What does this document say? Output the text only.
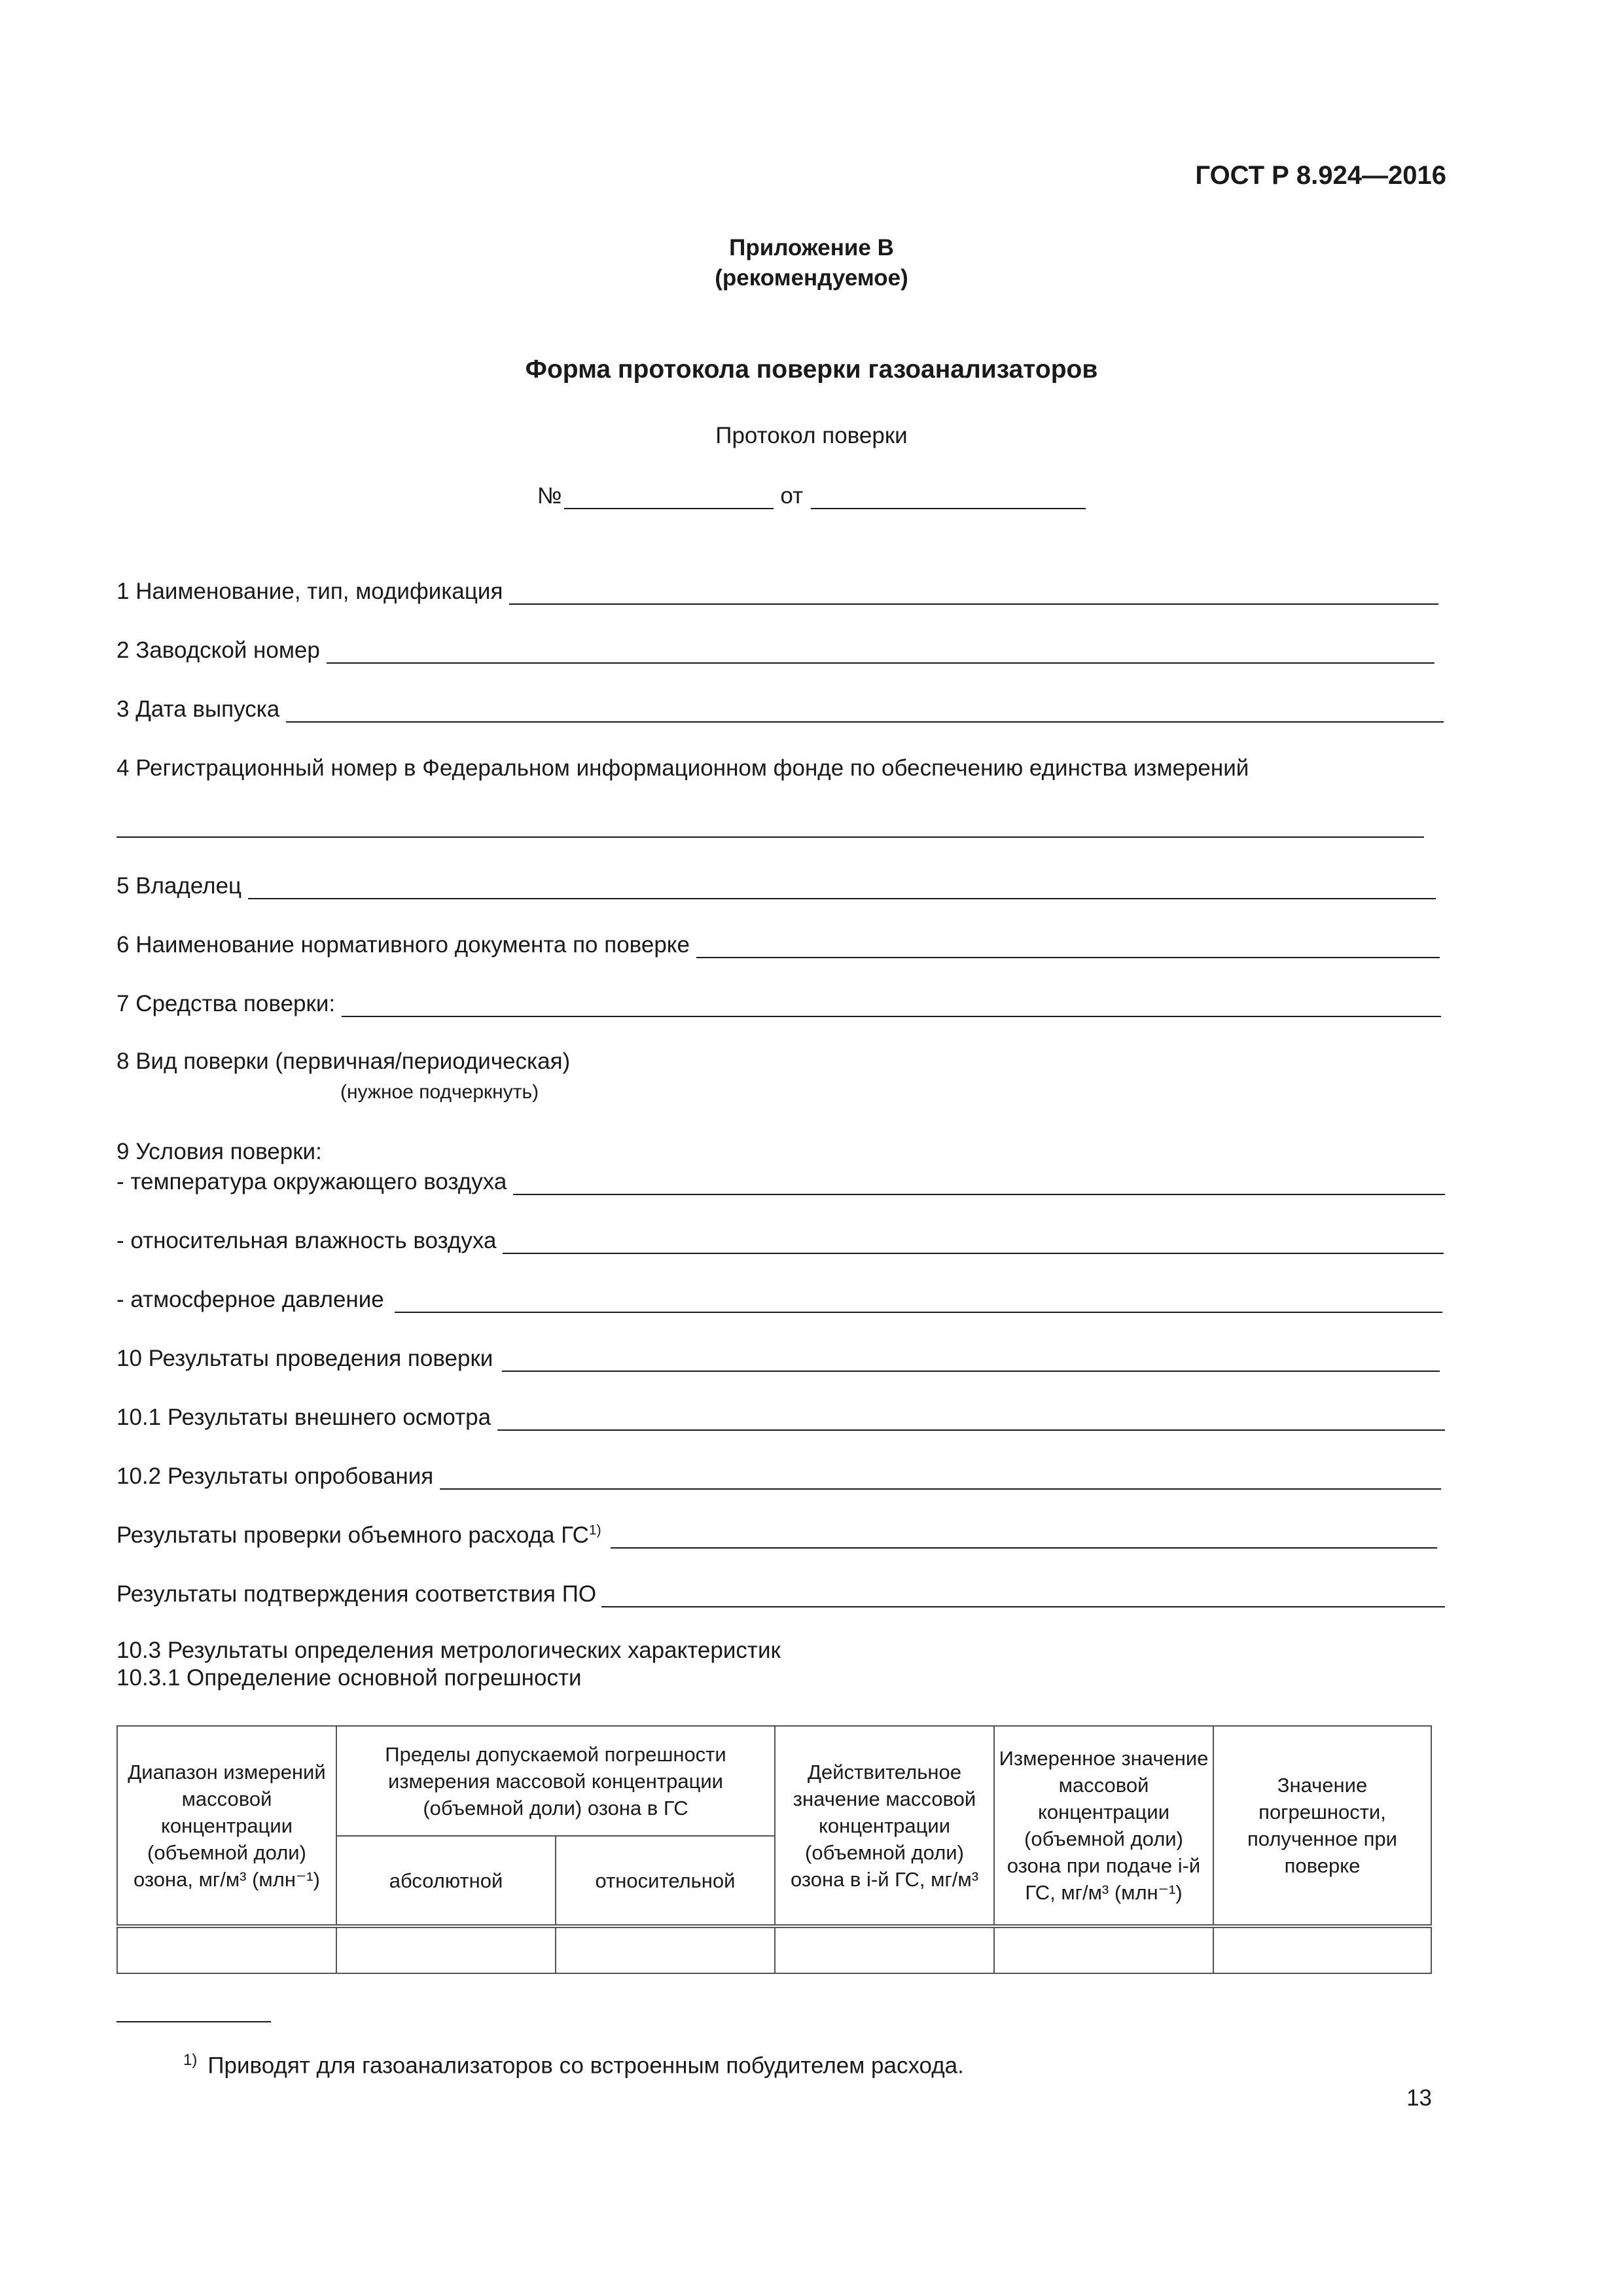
ГОСТ Р 8.924—2016
Приложение В
(рекомендуемое)
Форма протокола поверки газоанализаторов
Протокол поверки
№	от
1 Наименование, тип, модификация
2 Заводской номер
3 Дата выпуска
4 Регистрационный номер в Федеральном информационном фонде по обеспечению единства измерений
5 Владелец
6 Наименование нормативного документа по поверке
7 Средства поверки:
8 Вид поверки (первичная/периодическая)
(нужное подчеркнуть)
9 Условия поверки:
- температура окружающего воздуха
- относительная влажность воздуха
- атмосферное давление
10 Результаты проведения поверки
10.1 Результаты внешнего осмотра
10.2 Результаты опробования
Результаты проверки объемного расхода ГС$^{1)}$
Результаты подтверждения соответствия ПО
10.3 Результаты определения метрологических характеристик
10.3.1 Определение основной погрешности
Диапазон измерений массовой концентрации (объемной доли) озона, мг/м³ (млн⁻¹)	Пределы допускаемой погрешности измерения массовой концентрации (объемной доли) озона в ГС		Действительное значение массовой концентрации (объемной доли) озона в i-й ГС, мг/м³	Измеренное значение массовой концентрации (объемной доли) озона при подаче i-й ГС, мг/м³ (млн⁻¹)	Значение погрешности, полученное при поверке
	абсолютной	относительной			

$^{1)}$ Приводят для газоанализаторов со встроенным побудителем расхода.
13
